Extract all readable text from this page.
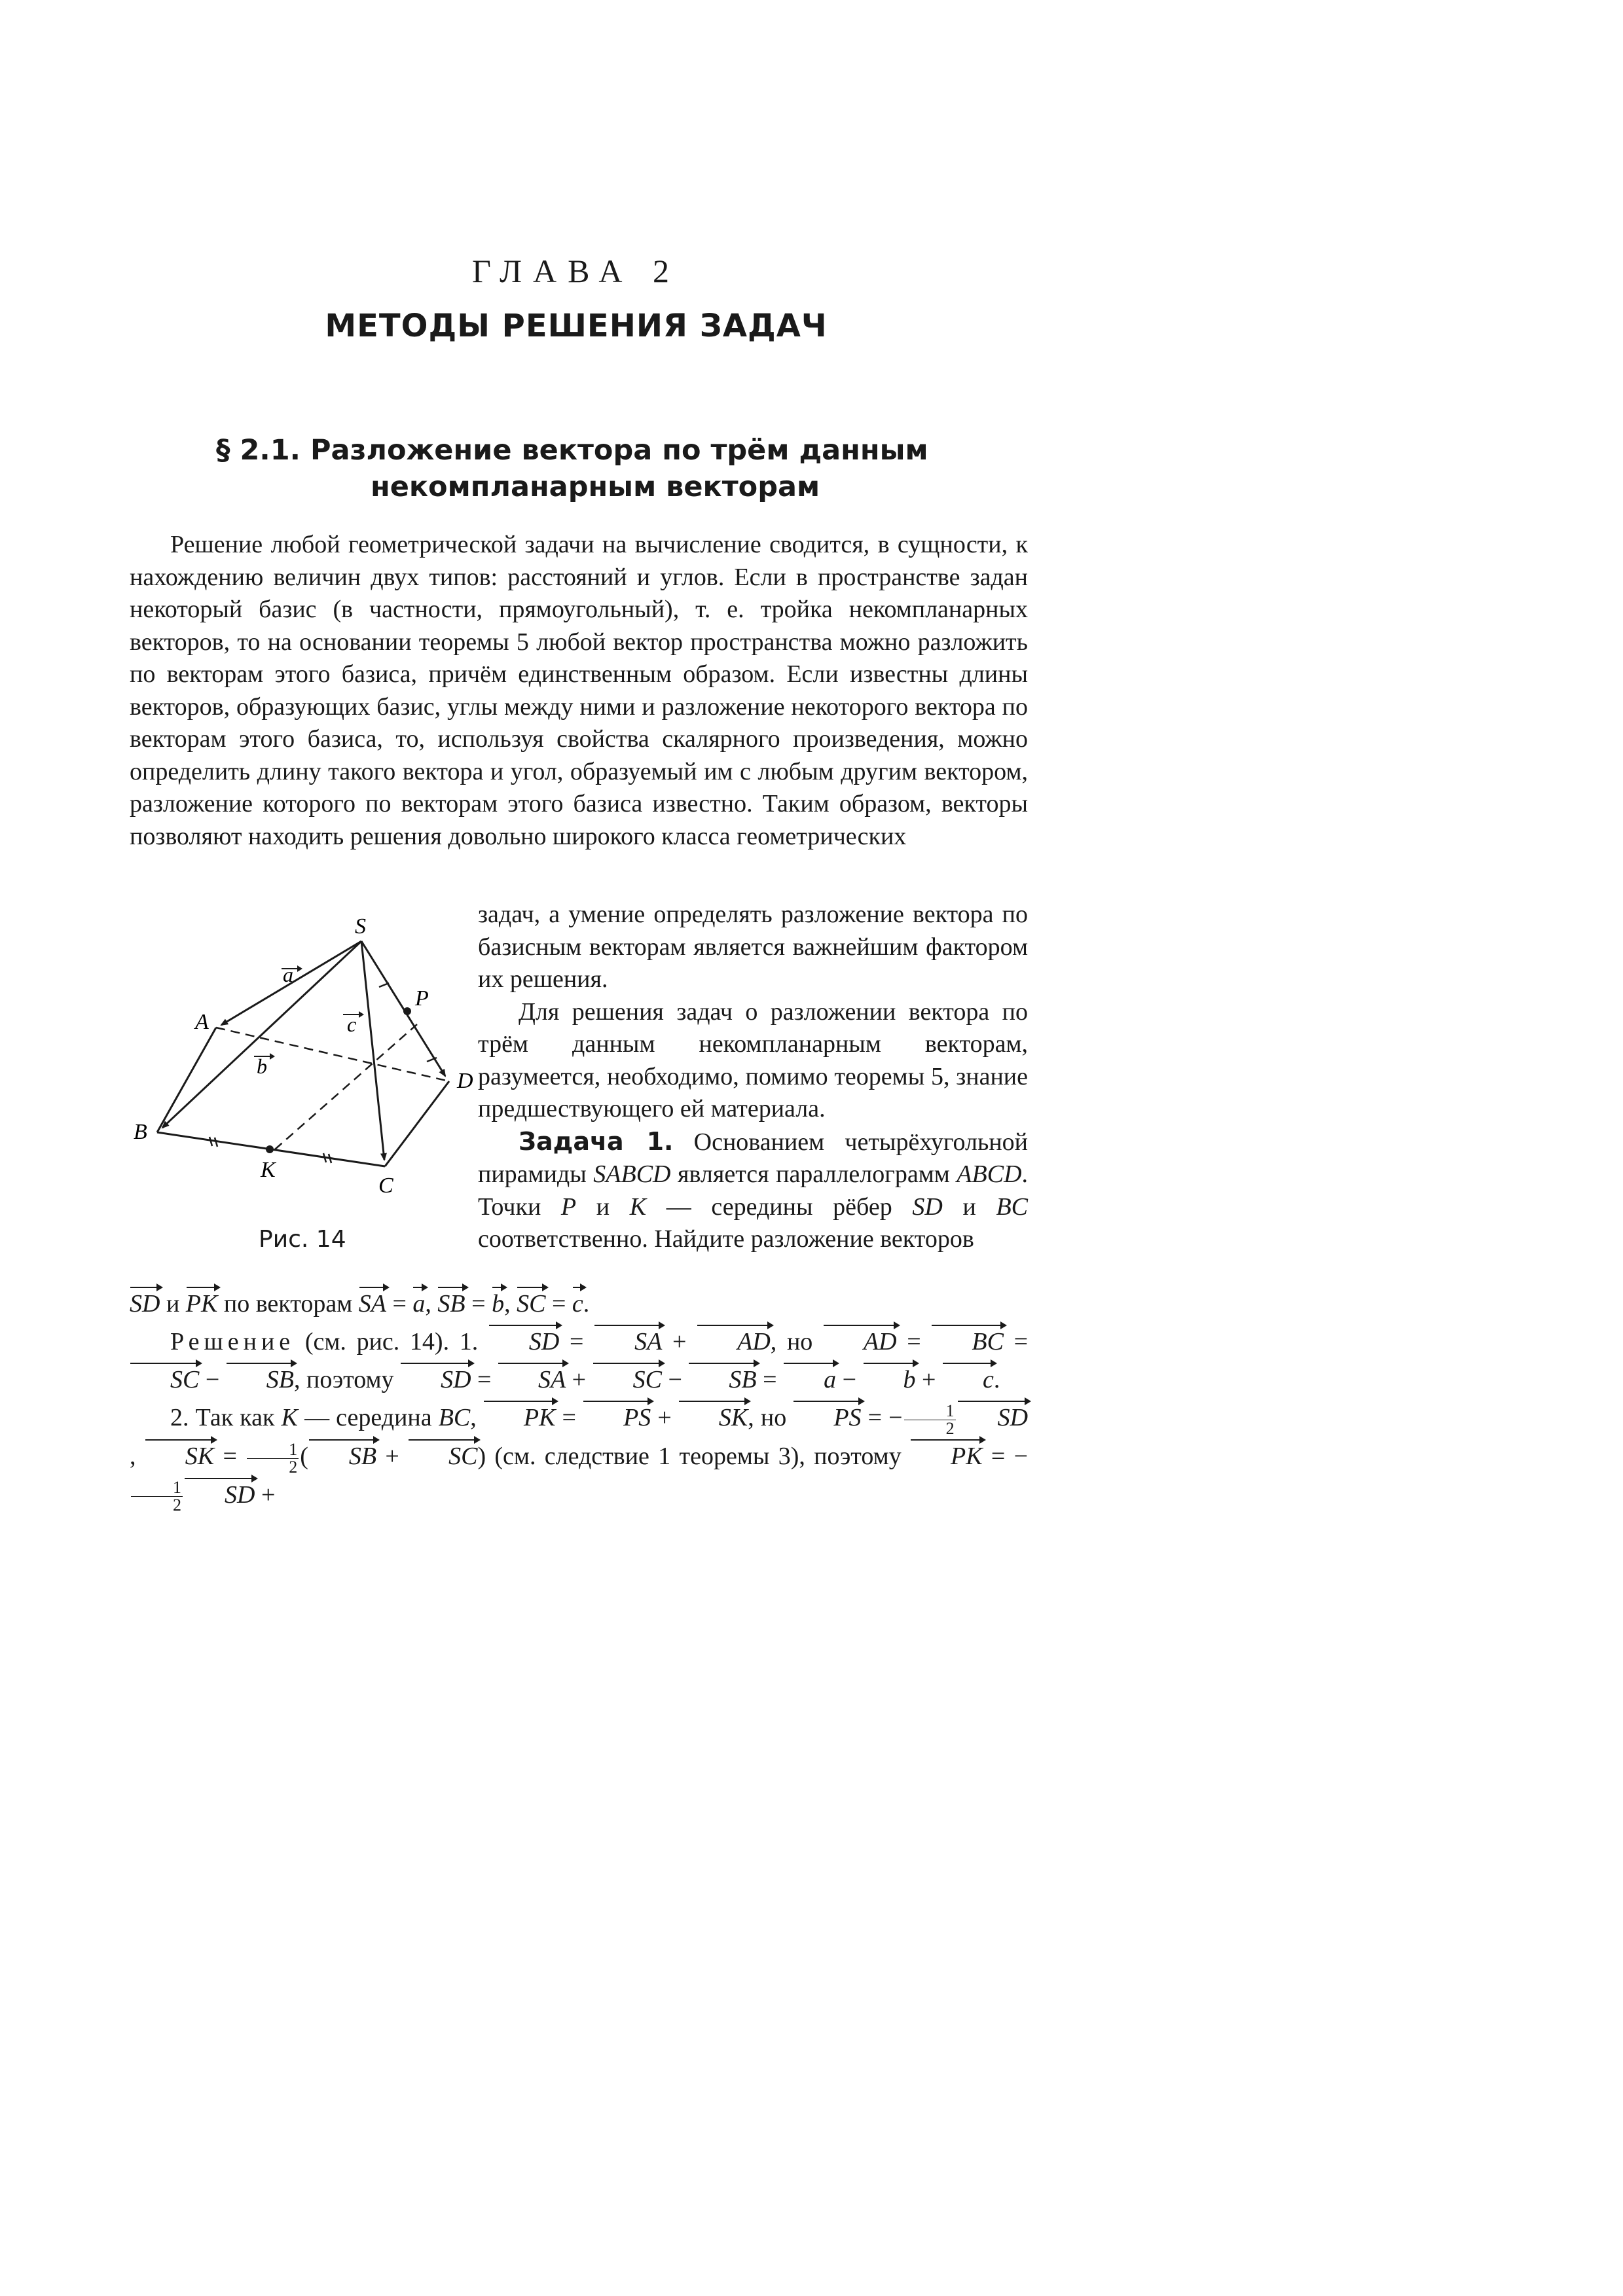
ГЛАВА 2
МЕТОДЫ РЕШЕНИЯ ЗАДАЧ
§ 2.1. Разложение вектора по трём данным
некомпланарным векторам

Решение любой геометрической задачи на вычисление сводится, в сущности, к нахождению величин двух типов: расстояний и углов. Если в пространстве задан некоторый базис (в частности, прямоугольный), т. е. тройка некомпланарных векторов, то на основании теоремы 5 любой вектор пространства можно разложить по векторам этого базиса, причём единственным образом. Если известны длины векторов, образующих базис, углы между ними и разложение некоторого вектора по векторам этого базиса, то, используя свойства скалярного произведения, можно определить длину такого вектора и угол, образуемый им с любым другим вектором, разложение которого по векторам этого базиса известно. Таким образом, векторы позволяют находить решения довольно широкого класса геометрических

S
A
B
C
D
K
P
a
b
c
Рис. 14

задач, а умение определять разложение вектора по базисным векторам является важнейшим фактором их решения.

Для решения задач о разложении вектора по трём данным некомпланарным векторам, разумеется, необходимо, помимо теоремы 5, знание предшествующего ей материала.

Задача 1. Основанием четырёхугольной пирамиды SABCD является параллелограмм ABCD. Точки P и K — середины рёбер SD и BC соответственно. Найдите разложение векторов

SD и PK по векторам SA = a, SB = b, SC = c.

Решение (см. рис. 14). 1. SD = SA + AD, но AD = BC = SC − SB, поэтому SD = SA + SC − SB = a − b + c.

2. Так как K — середина BC, PK = PS + SK, но PS = − $\frac{1}{2}$ SD, SK = $\frac{1}{2}$ ( SB + SC) (см. следствие 1 теоремы 3), поэтому PK = −
$\frac{1}{2}$ SD +
